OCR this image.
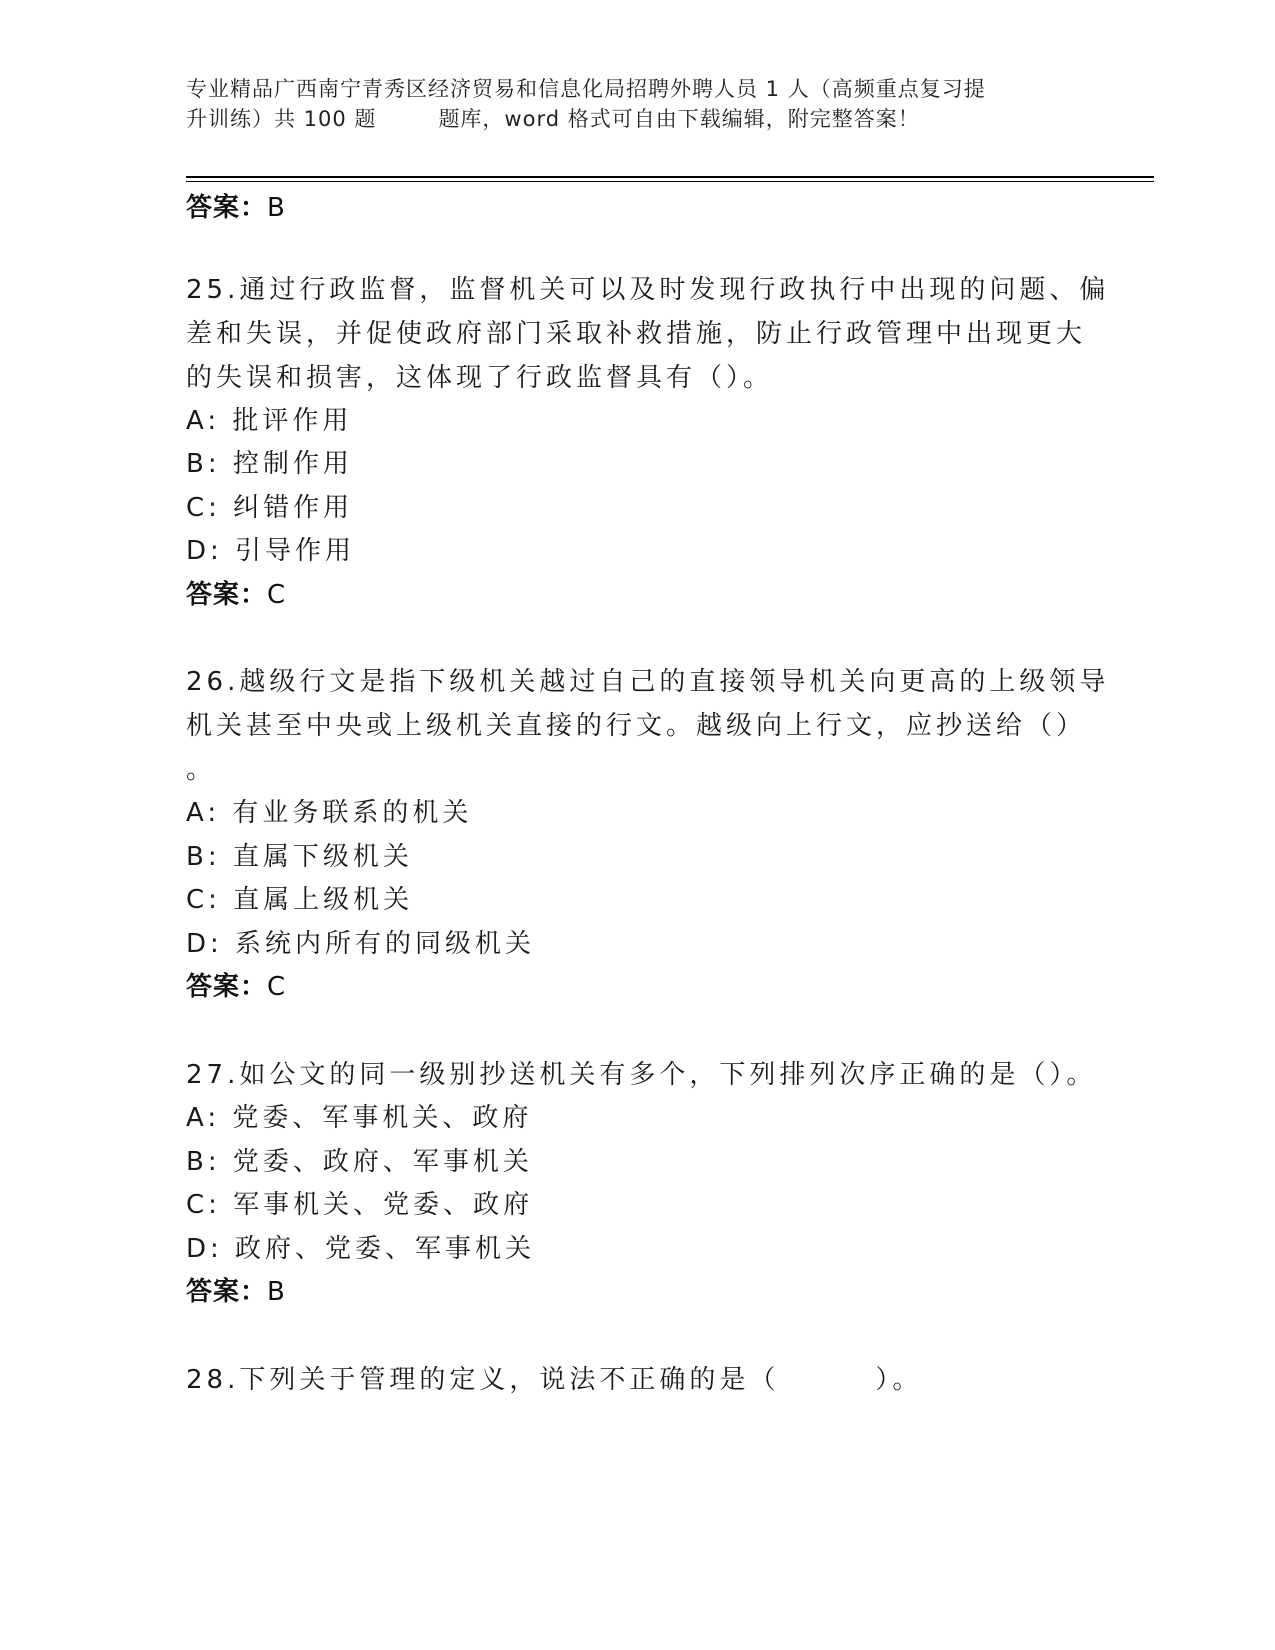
专业精品广西南宁青秀区经济贸易和信息化局招聘外聘人员 1 人（高频重点复习提
升训练）共 100 题	题库，word 格式可自由下载编辑，附完整答案！
答案：B
25.通过行政监督，监督机关可以及时发现行政执行中出现的问题、偏
差和失误，并促使政府部门采取补救措施，防止行政管理中出现更大
的失误和损害，这体现了行政监督具有（）。
A: 批评作用
B: 控制作用
C: 纠错作用
D: 引导作用
答案：C
26.越级行文是指下级机关越过自己的直接领导机关向更高的上级领导
机关甚至中央或上级机关直接的行文。越级向上行文，应抄送给（）
。
A: 有业务联系的机关
B: 直属下级机关
C: 直属上级机关
D: 系统内所有的同级机关
答案：C
27.如公文的同一级别抄送机关有多个，下列排列次序正确的是（）。
A: 党委、军事机关、政府
B: 党委、政府、军事机关
C: 军事机关、党委、政府
D: 政府、党委、军事机关
答案：B
28.下列关于管理的定义，说法不正确的是（	）。
